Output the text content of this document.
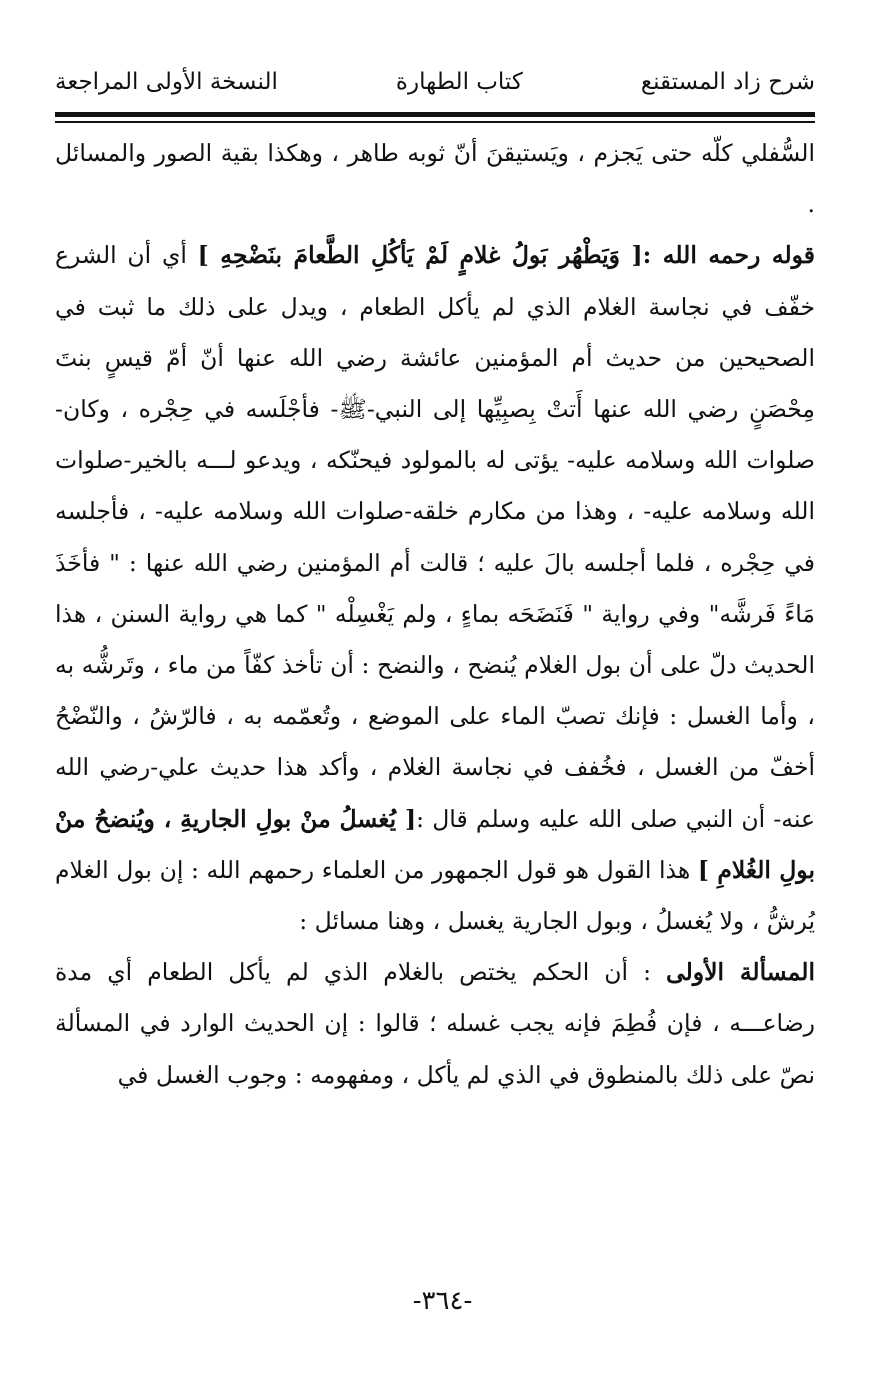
شرح زاد المستقنع
كتاب الطهارة
النسخة الأولى المراجعة

السُّفلي كلّه حتى يَجزم ، ويَستيقنَ أنّ ثوبه طاهر ، وهكذا بقية الصور والمسائل .

قوله رحمه الله :[ وَيَطْهُر بَولُ غلامٍ لَمْ يَأكُلِ الطَّعامَ بنَضْحِهِ ] أي أن الشرع خفّف في نجاسة الغلام الذي لم يأكل الطعام ، ويدل على ذلك ما ثبت في الصحيحين من حديث أم المؤمنين عائشة رضي الله عنها أنّ أمّ قيسٍ بنتَ مِحْصَنٍ رضي الله عنها أَتتْ بِصبِيِّها إلى النبي-ﷺ- فأجْلَسه في حِجْره ، وكان-صلوات الله وسلامه عليه- يؤتى له بالمولود فيحنّكه ، ويدعو لـــه بالخير-صلوات الله وسلامه عليه- ، وهذا من مكارم خلقه-صلوات الله وسلامه عليه- ، فأجلسه في حِجْره ، فلما أجلسه بالَ عليه ؛ قالت أم المؤمنين رضي الله عنها : " فأخَذَ مَاءً فَرشَّه" وفي رواية " فَنَضَحَه بماءٍ ، ولم يَغْسِلْه " كما هي رواية السنن ، هذا الحديث دلّ على أن بول الغلام يُنضح ، والنضح : أن تأخذ كفّاً من ماء ، وتَرشُّه به ، وأما الغسل : فإنك تصبّ الماء على الموضع ، وتُعمّمه به ، فالرّشُ ، والنّضْحُ أخفّ من الغسل ، فخُفف في نجاسة الغلام ، وأكد هذا حديث علي-رضي الله عنه- أن النبي صلى الله عليه وسلم قال :[ يُغسلُ منْ بولِ الجاريةِ ، ويُنضحُ منْ بولِ الغُلامِ ] هذا القول هو قول الجمهور من العلماء رحمهم الله : إن بول الغلام يُرشُّ ، ولا يُغسلُ ، وبول الجارية يغسل ، وهنا مسائل :

المسألة الأولى : أن الحكم يختص بالغلام الذي لم يأكل الطعام أي مدة رضاعـــه ، فإن فُطِمَ فإنه يجب غسله ؛ قالوا : إن الحديث الوارد في المسألة نصّ على ذلك بالمنطوق في الذي لم يأكل ، ومفهومه : وجوب الغسل في

-٣٦٤-
